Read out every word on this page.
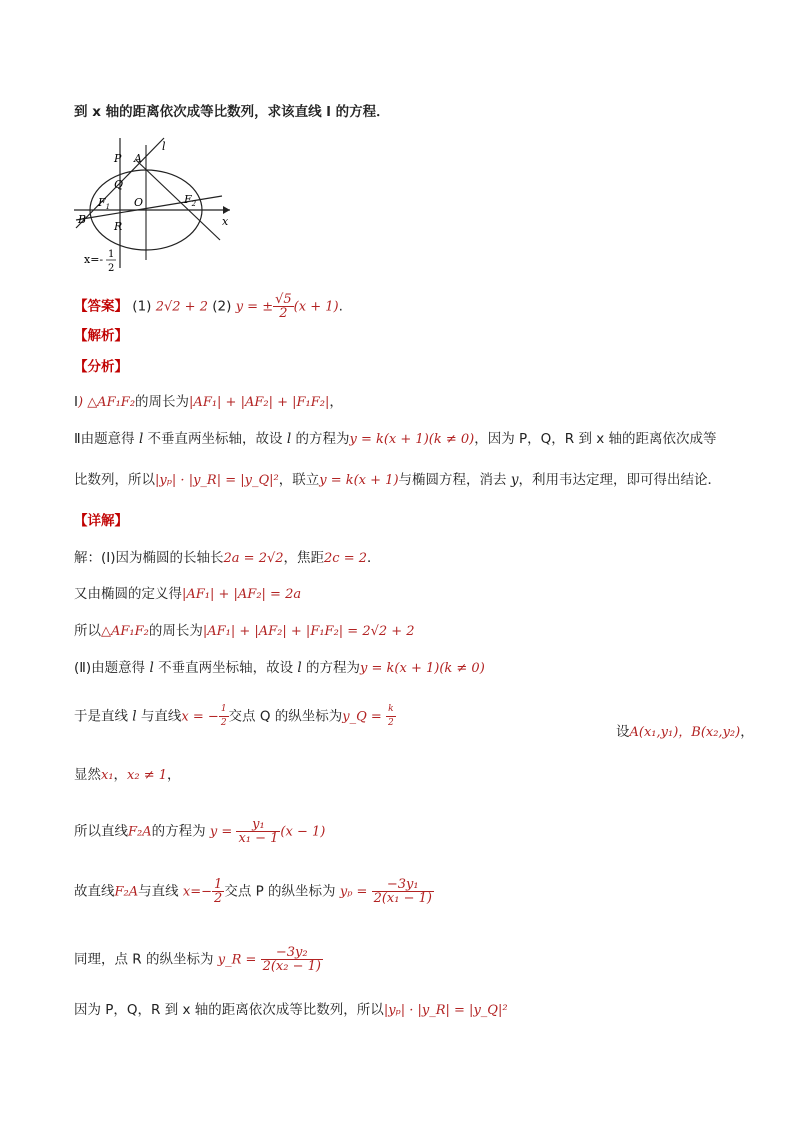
到 x 轴的距离依次成等比数列，求该直线 l 的方程．
P A
l
Q
$F_1$ O	$F_2$
B
R	x
x=- 1
2
【答案】 (1) 2√2 + 2 (2) y = ± $\frac{√5}{2} (x + 1)$.
【解析】
【分析】
I) △AF₁F₂的周长为|AF₁| + |AF₂| + |F₁F₂|，
Ⅱ由题意得 l 不垂直两坐标轴，故设 l 的方程为y = k(x + 1)(k ≠ 0)，因为 P，Q，R 到 x 轴的距离依次成等
比数列，所以|yₚ| · |y_R| = |y_Q|²，联立y = k(x + 1)与椭圆方程，消去 y，利用韦达定理，即可得出结论．
【详解】
解：(Ⅰ)因为椭圆的长轴长2a = 2√2，焦距2c = 2．
又由椭圆的定义得|AF₁| + |AF₂| = 2a
所以△AF₁F₂的周长为|AF₁| + |AF₂| + |F₁F₂| = 2√2 + 2
(Ⅱ)由题意得 l 不垂直两坐标轴，故设 l 的方程为y = k(x + 1)(k ≠ 0)
于是直线 l 与直线x = − $\frac{1}{2}$ 交点 Q 的纵坐标为y_Q = $\frac{k}{2}$
设A(x₁,y₁)，B(x₂,y₂)，
显然x₁，x₂ ≠ 1，
所以直线F₂A的方程为 $y = \frac{\text{y₁}}{\text{x₁ − 1}} (x - 1)$
故直线F₂A与直线 $x=- \frac{1}{2}$ 交点 P 的纵坐标为 $y_p = \frac{\text{−3y₁}}{\text{2(x₁ − 1)}}$
同理，点 R 的纵坐标为 y_R = $\frac{\text{−3y₂}}{\text{2(x₂ − 1)}}$
因为 P，Q，R 到 x 轴的距离依次成等比数列，所以|yₚ| · |y_R| = |y_Q|²
